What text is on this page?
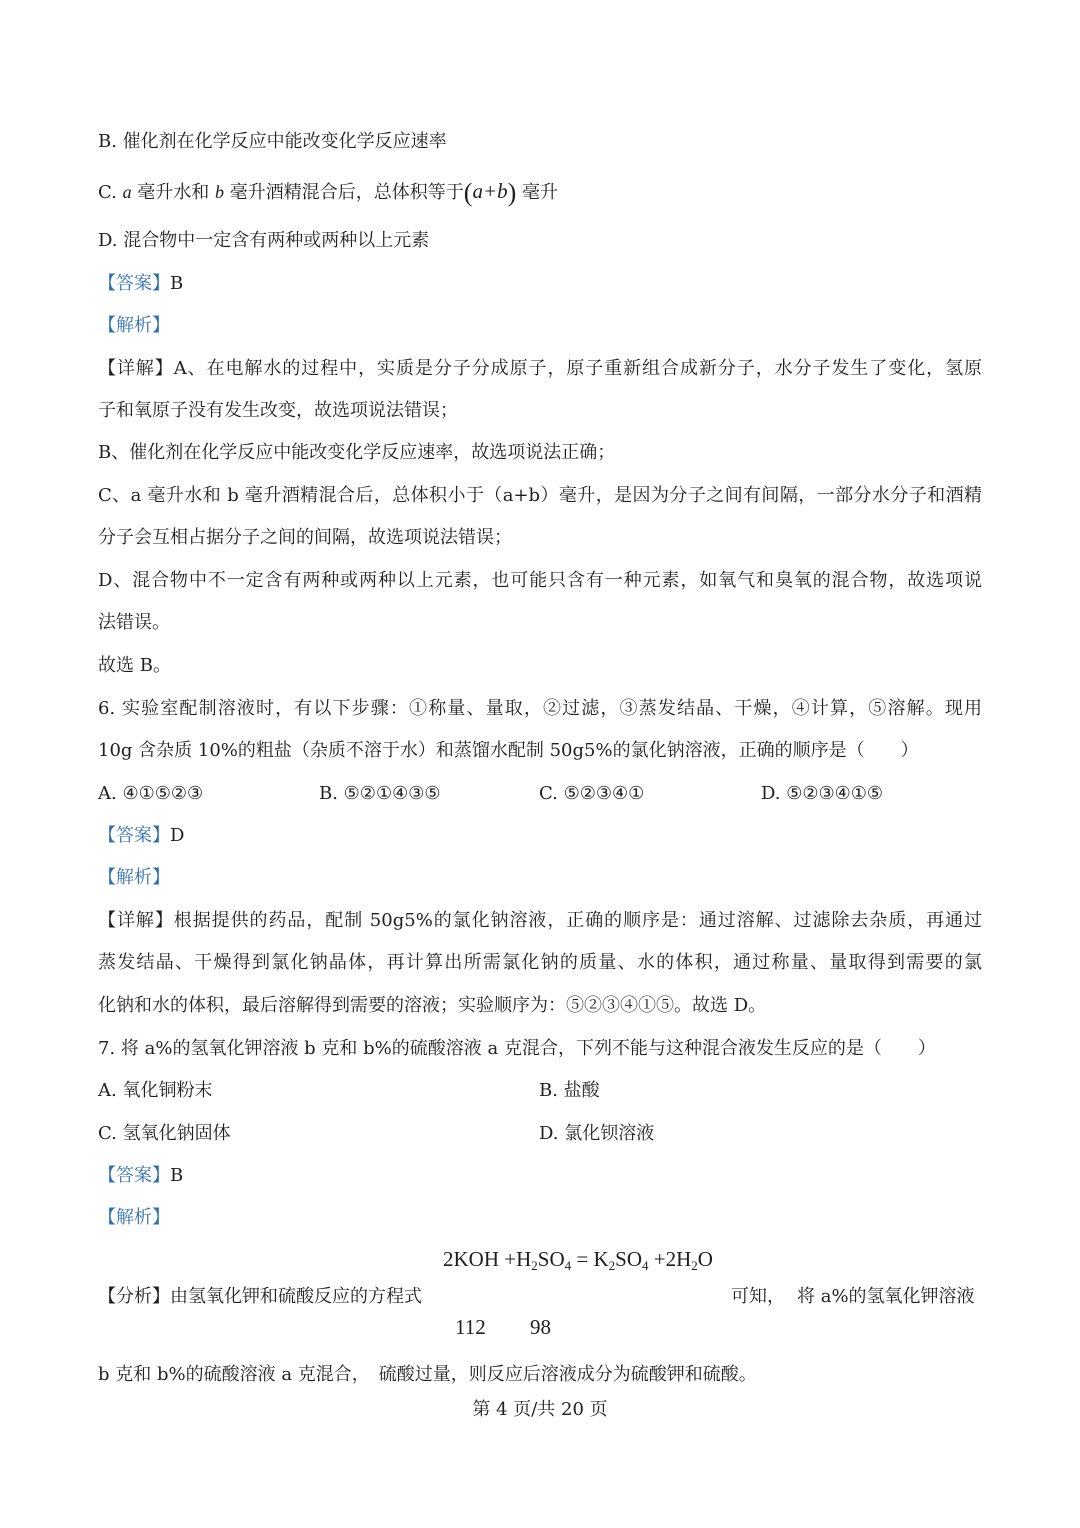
B. 催化剂在化学反应中能改变化学反应速率
C. a 毫升水和 b 毫升酒精混合后，总体积等于(a+b) 毫升
D. 混合物中一定含有两种或两种以上元素
【答案】B
【解析】
【详解】A、在电解水的过程中，实质是分子分成原子，原子重新组合成新分子，水分子发生了变化，氢原
子和氧原子没有发生改变，故选项说法错误；
B、催化剂在化学反应中能改变化学反应速率，故选项说法正确；
C、a 毫升水和 b 毫升酒精混合后，总体积小于（a+b）毫升，是因为分子之间有间隔，一部分水分子和酒精
分子会互相占据分子之间的间隔，故选项说法错误；
D、混合物中不一定含有两种或两种以上元素，也可能只含有一种元素，如氧气和臭氧的混合物，故选项说
法错误。
故选 B。
6. 实验室配制溶液时，有以下步骤：①称量、量取，②过滤，③蒸发结晶、干燥，④计算，⑤溶解。现用
10g 含杂质 10%的粗盐（杂质不溶于水）和蒸馏水配制 50g5%的氯化钠溶液，正确的顺序是（　　）
A. ④①⑤②③	B. ⑤②①④③⑤	C. ⑤②③④①	D. ⑤②③④①⑤
【答案】D
【解析】
【详解】根据提供的药品，配制 50g5%的氯化钠溶液，正确的顺序是：通过溶解、过滤除去杂质，再通过
蒸发结晶、干燥得到氯化钠晶体，再计算出所需氯化钠的质量、水的体积，通过称量、量取得到需要的氯
化钠和水的体积，最后溶解得到需要的溶液；实验顺序为：⑤②③④①⑤。故选 D。
7. 将 a%的氢氧化钾溶液 b 克和 b%的硫酸溶液 a 克混合，下列不能与这种混合液发生反应的是（　　）
A. 氧化铜粉末	B. 盐酸
C. 氢氧化钠固体	D. 氯化钡溶液
【答案】B
【解析】
$2KOH +H_2SO_4 = K_2SO_4 +2H_2O$
【分析】由氢氧化钾和硫酸反应的方程式	可知， 将 a%的氢氧化钾溶液
112 98
b 克和 b%的硫酸溶液 a 克混合，　硫酸过量，则反应后溶液成分为硫酸钾和硫酸。
第 4 页/共 20 页
